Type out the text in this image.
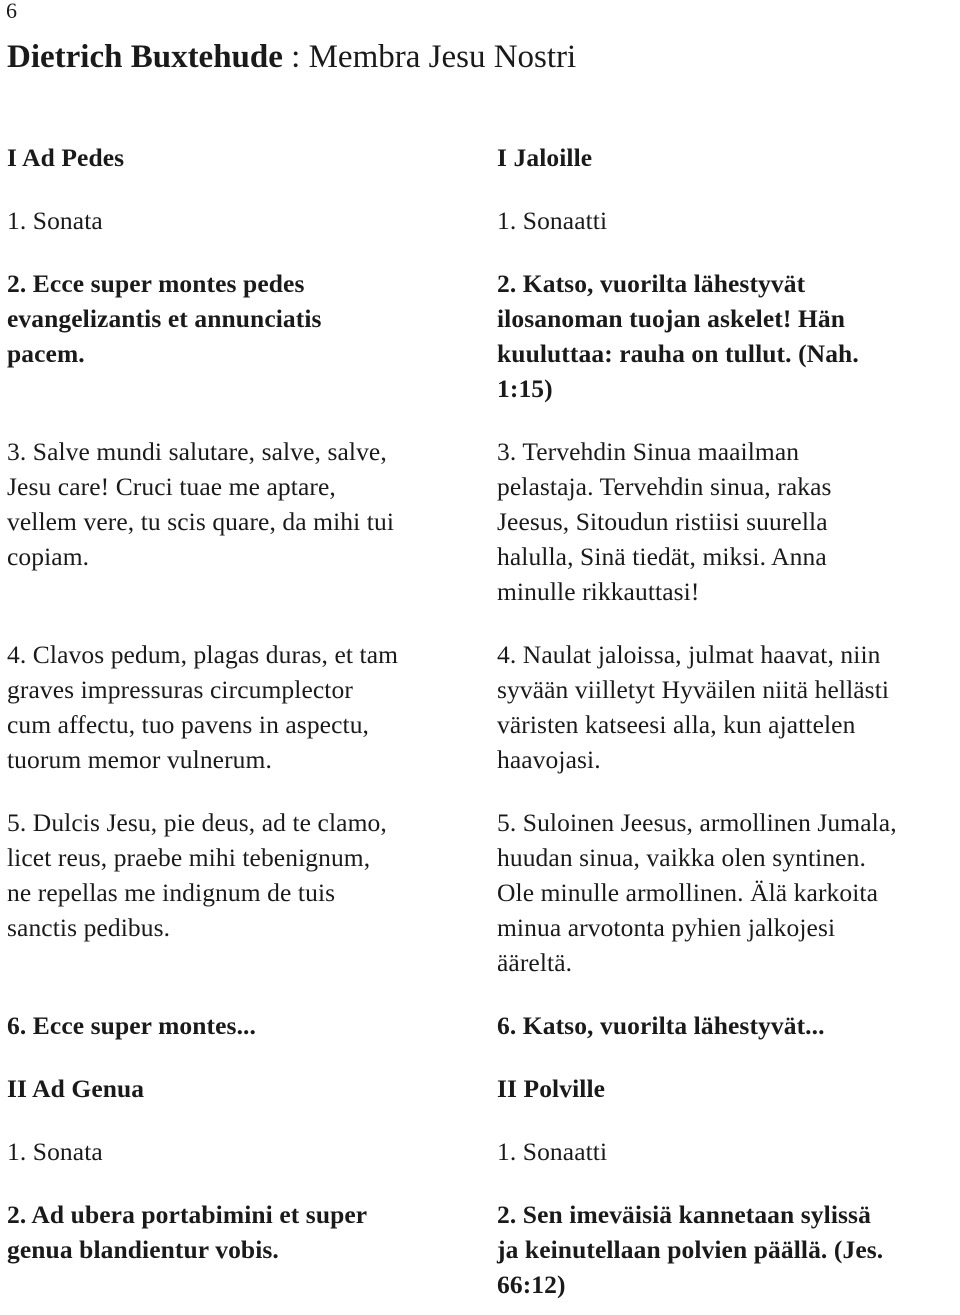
6
Dietrich Buxtehude : Membra Jesu Nostri

I Ad Pedes

1. Sonata

2. Ecce super montes pedes
evangelizantis et annunciatis
pacem.

3. Salve mundi salutare, salve, salve,
Jesu care! Cruci tuae me aptare,
vellem vere, tu scis quare, da mihi tui
copiam.

4. Clavos pedum, plagas duras, et tam
graves impressuras circumplector
cum affectu, tuo pavens in aspectu,
tuorum memor vulnerum.

5. Dulcis Jesu, pie deus, ad te clamo,
licet reus, praebe mihi tebenignum,
ne repellas me indignum de tuis
sanctis pedibus.

6. Ecce super montes...

II Ad Genua

1. Sonata

2. Ad ubera portabimini et super
genua blandientur vobis.

I Jaloille

1. Sonaatti

2. Katso, vuorilta lähestyvät
ilosanoman tuojan askelet! Hän
kuuluttaa: rauha on tullut. (Nah.
1:15)

3. Tervehdin Sinua maailman
pelastaja. Tervehdin sinua, rakas
Jeesus, Sitoudun ristiisi suurella
halulla, Sinä tiedät, miksi. Anna
minulle rikkauttasi!

4. Naulat jaloissa, julmat haavat, niin
syvään viilletyt Hyväilen niitä hellästi
väristen katseesi alla, kun ajattelen
haavojasi.

5. Suloinen Jeesus, armollinen Jumala,
huudan sinua, vaikka olen syntinen.
Ole minulle armollinen. Älä karkoita
minua arvotonta pyhien jalkojesi
ääreltä.

6. Katso, vuorilta lähestyvät...

II Polville

1. Sonaatti

2. Sen imeväisiä kannetaan sylissä
ja keinutellaan polvien päällä. (Jes.
66:12)
